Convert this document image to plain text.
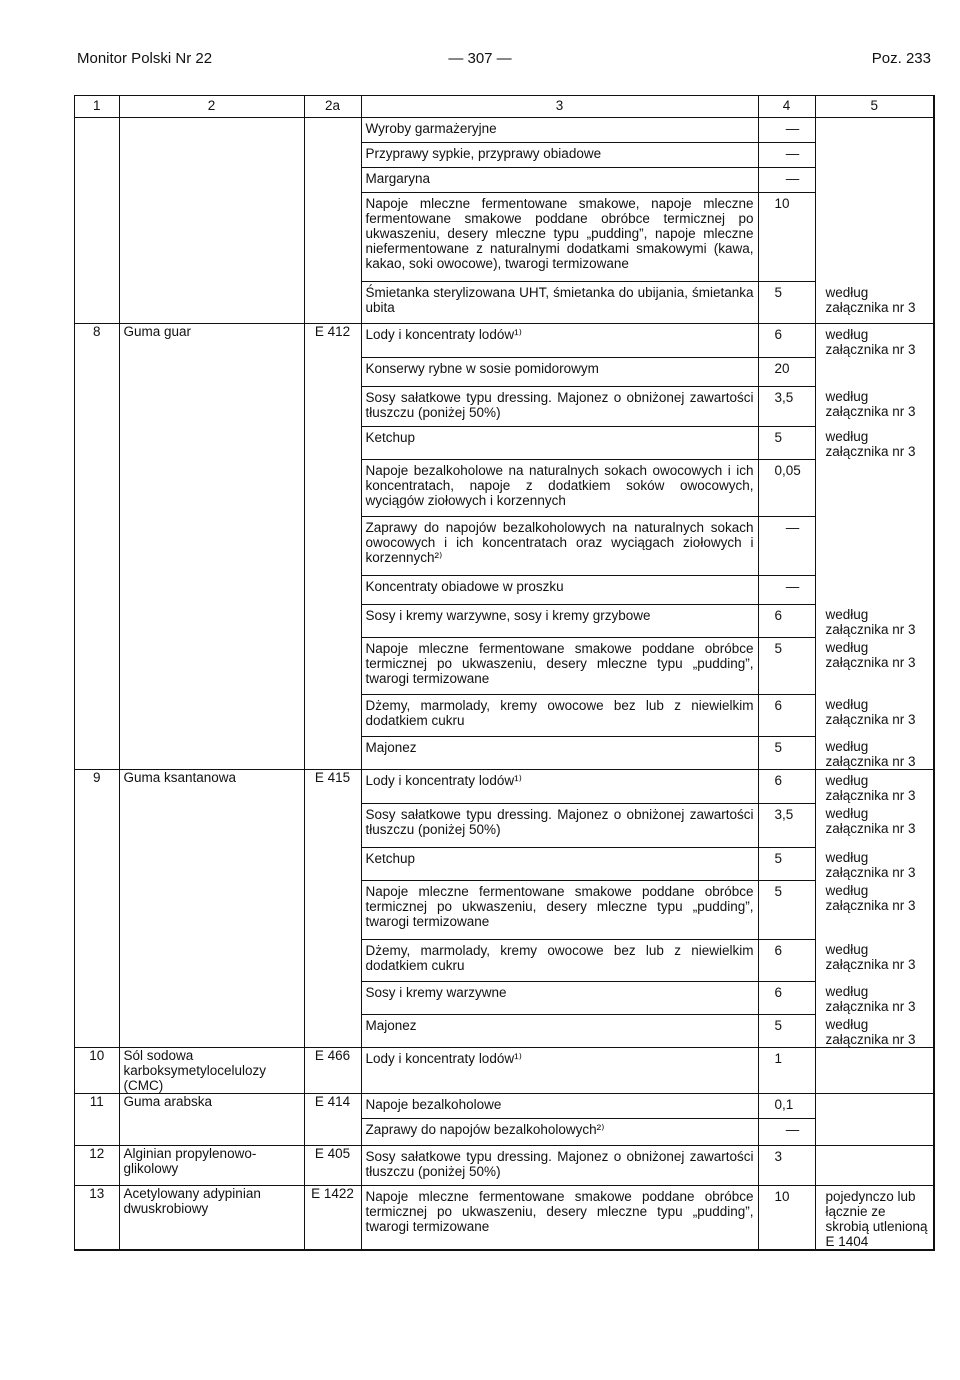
Monitor Polski Nr 22	— 307 —	Poz. 233
1	2	2a	3	4	5
			Wyroby garmażeryjne	—	
			Przyprawy sypkie, przyprawy obiadowe	—	
			Margaryna	—	
			Napoje mleczne fermentowane smakowe, napoje mleczne fermentowane smakowe poddane obróbce termicznej po ukwaszeniu, desery mleczne typu „pudding”, napoje mleczne niefermentowane z naturalnymi dodatkami smakowymi (kawa, kakao, soki owocowe), twarogi termizowane	10	
			Śmietanka sterylizowana UHT, śmietanka do ubijania, śmietanka ubita	5	według załącznika nr 3
8	Guma guar	E 412	Lody i koncentraty lodów¹⁾	6	według załącznika nr 3
			Konserwy rybne w sosie pomidorowym	20	
			Sosy sałatkowe typu dressing. Majonez o obniżonej zawartości tłuszczu (poniżej 50%)	3,5	według załącznika nr 3
			Ketchup	5	według załącznika nr 3
			Napoje bezalkoholowe na naturalnych sokach owocowych i ich koncentratach, napoje z dodatkiem soków owocowych, wyciągów ziołowych i korzennych	0,05	
			Zaprawy do napojów bezalkoholowych na naturalnych sokach owocowych i ich koncentratach oraz wyciągach ziołowych i korzennych²⁾	—	
			Koncentraty obiadowe w proszku	—	
			Sosy i kremy warzywne, sosy i kremy grzybowe	6	według załącznika nr 3
			Napoje mleczne fermentowane smakowe poddane obróbce termicznej po ukwaszeniu, desery mleczne typu „pudding”, twarogi termizowane	5	według załącznika nr 3
			Dżemy, marmolady, kremy owocowe bez lub z niewielkim dodatkiem cukru	6	według załącznika nr 3
			Majonez	5	według załącznika nr 3
9	Guma ksantanowa	E 415	Lody i koncentraty lodów¹⁾	6	według załącznika nr 3
			Sosy sałatkowe typu dressing. Majonez o obniżonej zawartości tłuszczu (poniżej 50%)	3,5	według załącznika nr 3
			Ketchup	5	według załącznika nr 3
			Napoje mleczne fermentowane smakowe poddane obróbce termicznej po ukwaszeniu, desery mleczne typu „pudding”, twarogi termizowane	5	według załącznika nr 3
			Dżemy, marmolady, kremy owocowe bez lub z niewielkim dodatkiem cukru	6	według załącznika nr 3
			Sosy i kremy warzywne	6	według załącznika nr 3
			Majonez	5	według załącznika nr 3
10	Sól sodowa karboksymetylocelulozy (CMC)	E 466	Lody i koncentraty lodów¹⁾	1	
11	Guma arabska	E 414	Napoje bezalkoholowe	0,1	
			Zaprawy do napojów bezalkoholowych²⁾	—	
12	Alginian propylenowo-glikolowy	E 405	Sosy sałatkowe typu dressing. Majonez o obniżonej zawartości tłuszczu (poniżej 50%)	3	
13	Acetylowany adypinian dwuskrobiowy	E 1422	Napoje mleczne fermentowane smakowe poddane obróbce termicznej po ukwaszeniu, desery mleczne typu „pudding”, twarogi termizowane	10	pojedynczo lub łącznie ze skrobią utlenioną E 1404
